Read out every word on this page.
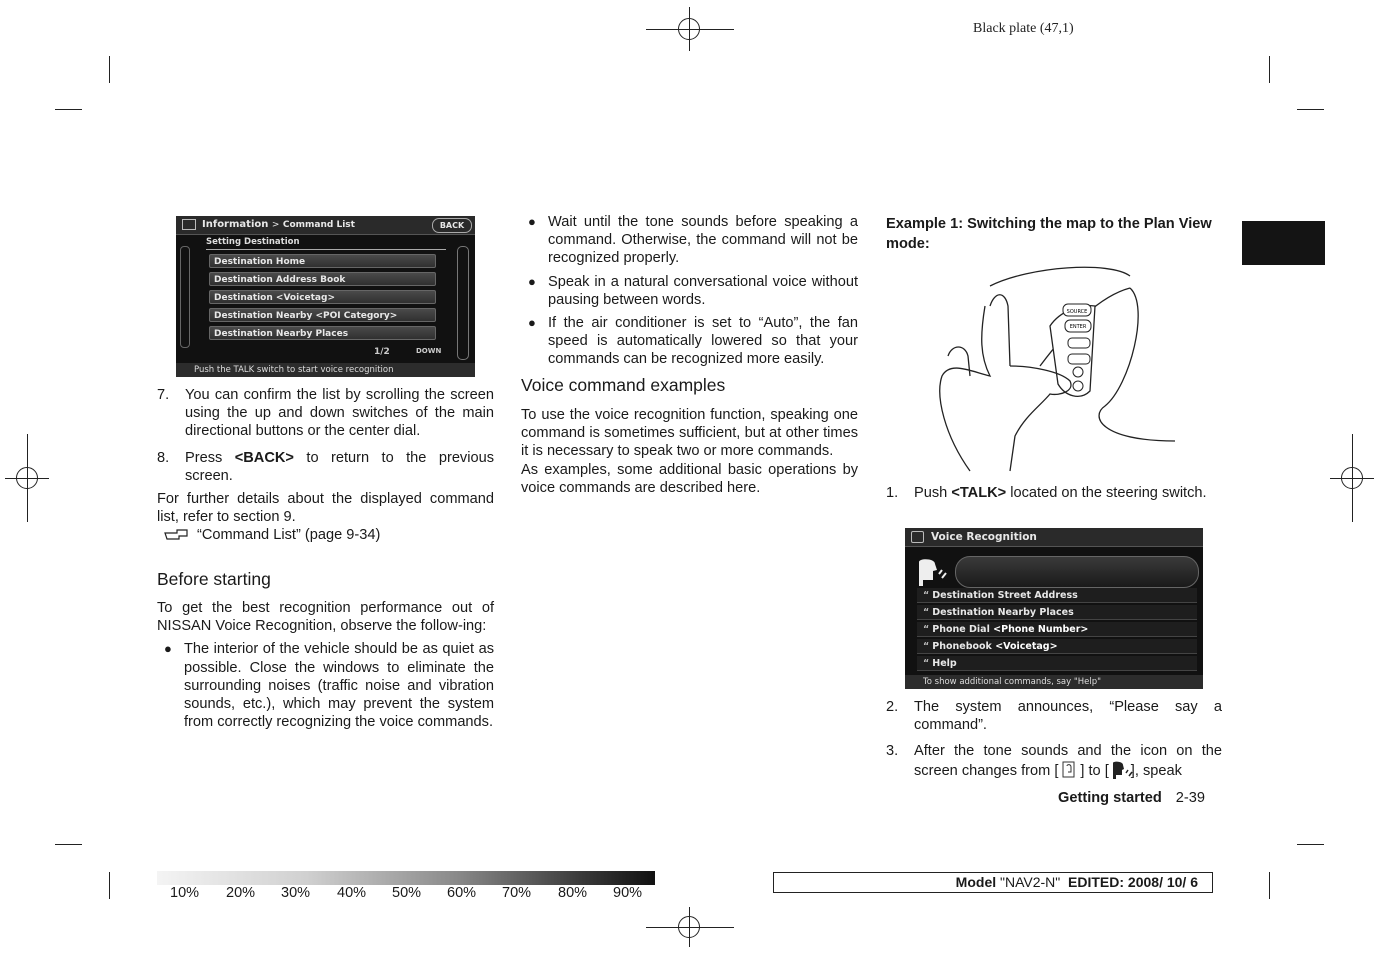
Black plate (47,1)
Information > Command List	BACK
Setting Destination
Destination Home
Destination Address Book
Destination <Voicetag>
Destination Nearby <POI Category>
Destination Nearby Places
1/2	DOWN
Push the TALK switch to start voice recognition
7. You can confirm the list by scrolling the screen using the up and down switches of the main directional buttons or the center dial.
8. Press <BACK> to return to the previous screen.

For further details about the displayed command list, refer to section 9.

“Command List” (page 9-34)

Before starting

To get the best recognition performance out of NISSAN Voice Recognition, observe the follow-ing:

● The interior of the vehicle should be as quiet as possible. Close the windows to eliminate the surrounding noises (traffic noise and vibration sounds, etc.), which may prevent the system from correctly recognizing the voice commands.
● Wait until the tone sounds before speaking a command. Otherwise, the command will not be recognized properly.
● Speak in a natural conversational voice without pausing between words.
● If the air conditioner is set to “Auto”, the fan speed is automatically lowered so that your commands can be recognized more easily.
Voice command examples

To use the voice recognition function, speaking one command is sometimes sufficient, but at other times it is necessary to speak two or more commands.

As examples, some additional basic operations by voice commands are described here.

Example 1: Switching the map to the Plan View mode:
SOURCE
ENTER
1. Push <TALK> located on the steering switch.
Voice Recognition
“ Destination Street Address
“ Destination Nearby Places
“ Phone Dial <Phone Number>
“ Phonebook <Voicetag>
“ Help
To show additional commands, say "Help"
2. The system announces, “Please say a command”.
3. After the tone sounds and the icon on the screen changes from [ ] to [ ], speak
Getting started 2-39
10% 20% 30% 40% 50% 60% 70% 80% 90%
Model "NAV2-N" EDITED: 2008/ 10/ 6
